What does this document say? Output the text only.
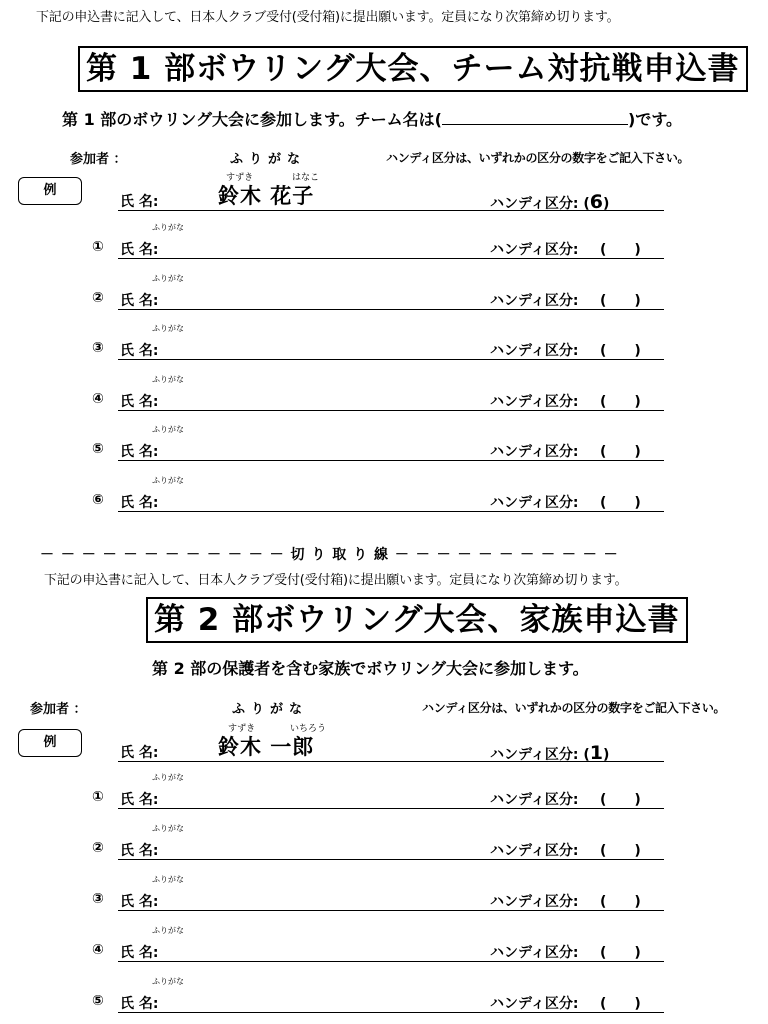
下記の申込書に記入して、日本人クラブ受付(受付箱)に提出願います。定員になり次第締め切ります。
第 1 部ボウリング大会、チーム対抗戦申込書
第 1 部のボウリング大会に参加します。チーム名は(	)です。
参加者 ：	ふりがな	ハンディ区分は、いずれかの区分の数字をご記入下さい。
例
すずき	はなこ
氏 名:	鈴木 花子	ハンディ区分: (6)
ふりがな
① 氏 名:	ハンディ区分: (　　)
ふりがな
② 氏 名:	ハンディ区分: (　　)
ふりがな
③ 氏 名:	ハンディ区分: (　　)
ふりがな
④ 氏 名:	ハンディ区分: (　　)
ふりがな
⑤ 氏 名:	ハンディ区分: (　　)
ふりがな
⑥ 氏 名:	ハンディ区分: (　　)
－ － － － － － － － － － － － 切 り 取 り 線 － － － － － － － － － － －
下記の申込書に記入して、日本人クラブ受付(受付箱)に提出願います。定員になり次第締め切ります。
第 2 部ボウリング大会、家族申込書
第 2 部の保護者を含む家族でボウリング大会に参加します。
参加者 ：	ふりがな	ハンディ区分は、いずれかの区分の数字をご記入下さい。
例
すずき	いちろう
氏 名:	鈴木 一郎	ハンディ区分: (1)
ふりがな
① 氏 名:	ハンディ区分: (　　)
ふりがな
② 氏 名:	ハンディ区分: (　　)
ふりがな
③ 氏 名:	ハンディ区分: (　　)
ふりがな
④ 氏 名:	ハンディ区分: (　　)
ふりがな
⑤ 氏 名:	ハンディ区分: (　　)
